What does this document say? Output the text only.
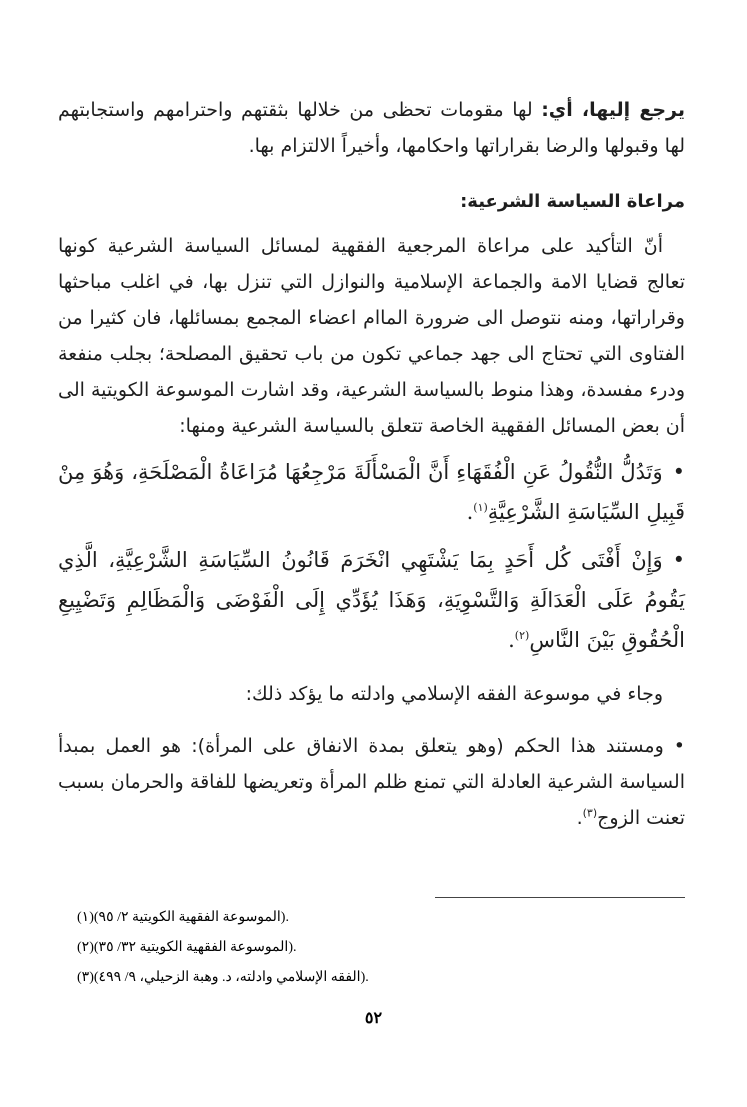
يرجع إليها، أي: لها مقومات تحظى من خلالها بثقتهم واحترامهم واستجابتهم لها وقبولها والرضا بقراراتها واحكامها، وأخيراً الالتزام بها.

مراعاة السياسة الشرعية:

أنّ التأكيد على مراعاة المرجعية الفقهية لمسائل السياسة الشرعية كونها تعالج قضايا الامة والجماعة الإسلامية والنوازل التي تنزل بها، في اغلب مباحثها وقراراتها، ومنه نتوصل الى ضرورة الماام اعضاء المجمع بمسائلها، فان كثيرا من الفتاوى التي تحتاج الى جهد جماعي تكون من باب تحقيق المصلحة؛ بجلب منفعة ودرء مفسدة، وهذا منوط بالسياسة الشرعية، وقد اشارت الموسوعة الكويتية الى أن بعض المسائل الفقهية الخاصة تتعلق بالسياسة الشرعية ومنها:

•وَتَدُلُّ النُّقُولُ عَنِ الْفُقَهَاءِ أَنَّ الْمَسْأَلَةَ مَرْجِعُهَا مُرَاعَاةُ الْمَصْلَحَةِ، وَهُوَ مِنْ قَبِيلِ السِّيَاسَةِ الشَّرْعِيَّةِ$^{(١)}$.

•وَإِنْ أَفْتَى كُل أَحَدٍ بِمَا يَشْتَهِي انْخَرَمَ قَانُونُ السِّيَاسَةِ الشَّرْعِيَّةِ، الَّذِي يَقُومُ عَلَى الْعَدَالَةِ وَالتَّسْوِيَةِ، وَهَذَا يُؤَدِّي إِلَى الْفَوْضَى وَالْمَظَالِمِ وَتَضْيِيعِ الْحُقُوقِ بَيْنَ النَّاسِ$^{(٢)}$.

وجاء في موسوعة الفقه الإسلامي وادلته ما يؤكد ذلك:

•ومستند هذا الحكم (وهو يتعلق بمدة الانفاق على المرأة): هو العمل بمبدأ السياسة الشرعية العادلة التي تمنع ظلم المرأة وتعريضها للفاقة والحرمان بسبب تعنت الزوج$^{(٣)}$.

(١)(الموسوعة الفقهية الكويتية ٢/ ٩٥).
(٢)(الموسوعة الفقهية الكويتية ٣٢/ ٣٥).
(٣)(الفقه الإسلامي وادلته، د. وهبة الزحيلي، ٩/ ٤٩٩).
٥٢
